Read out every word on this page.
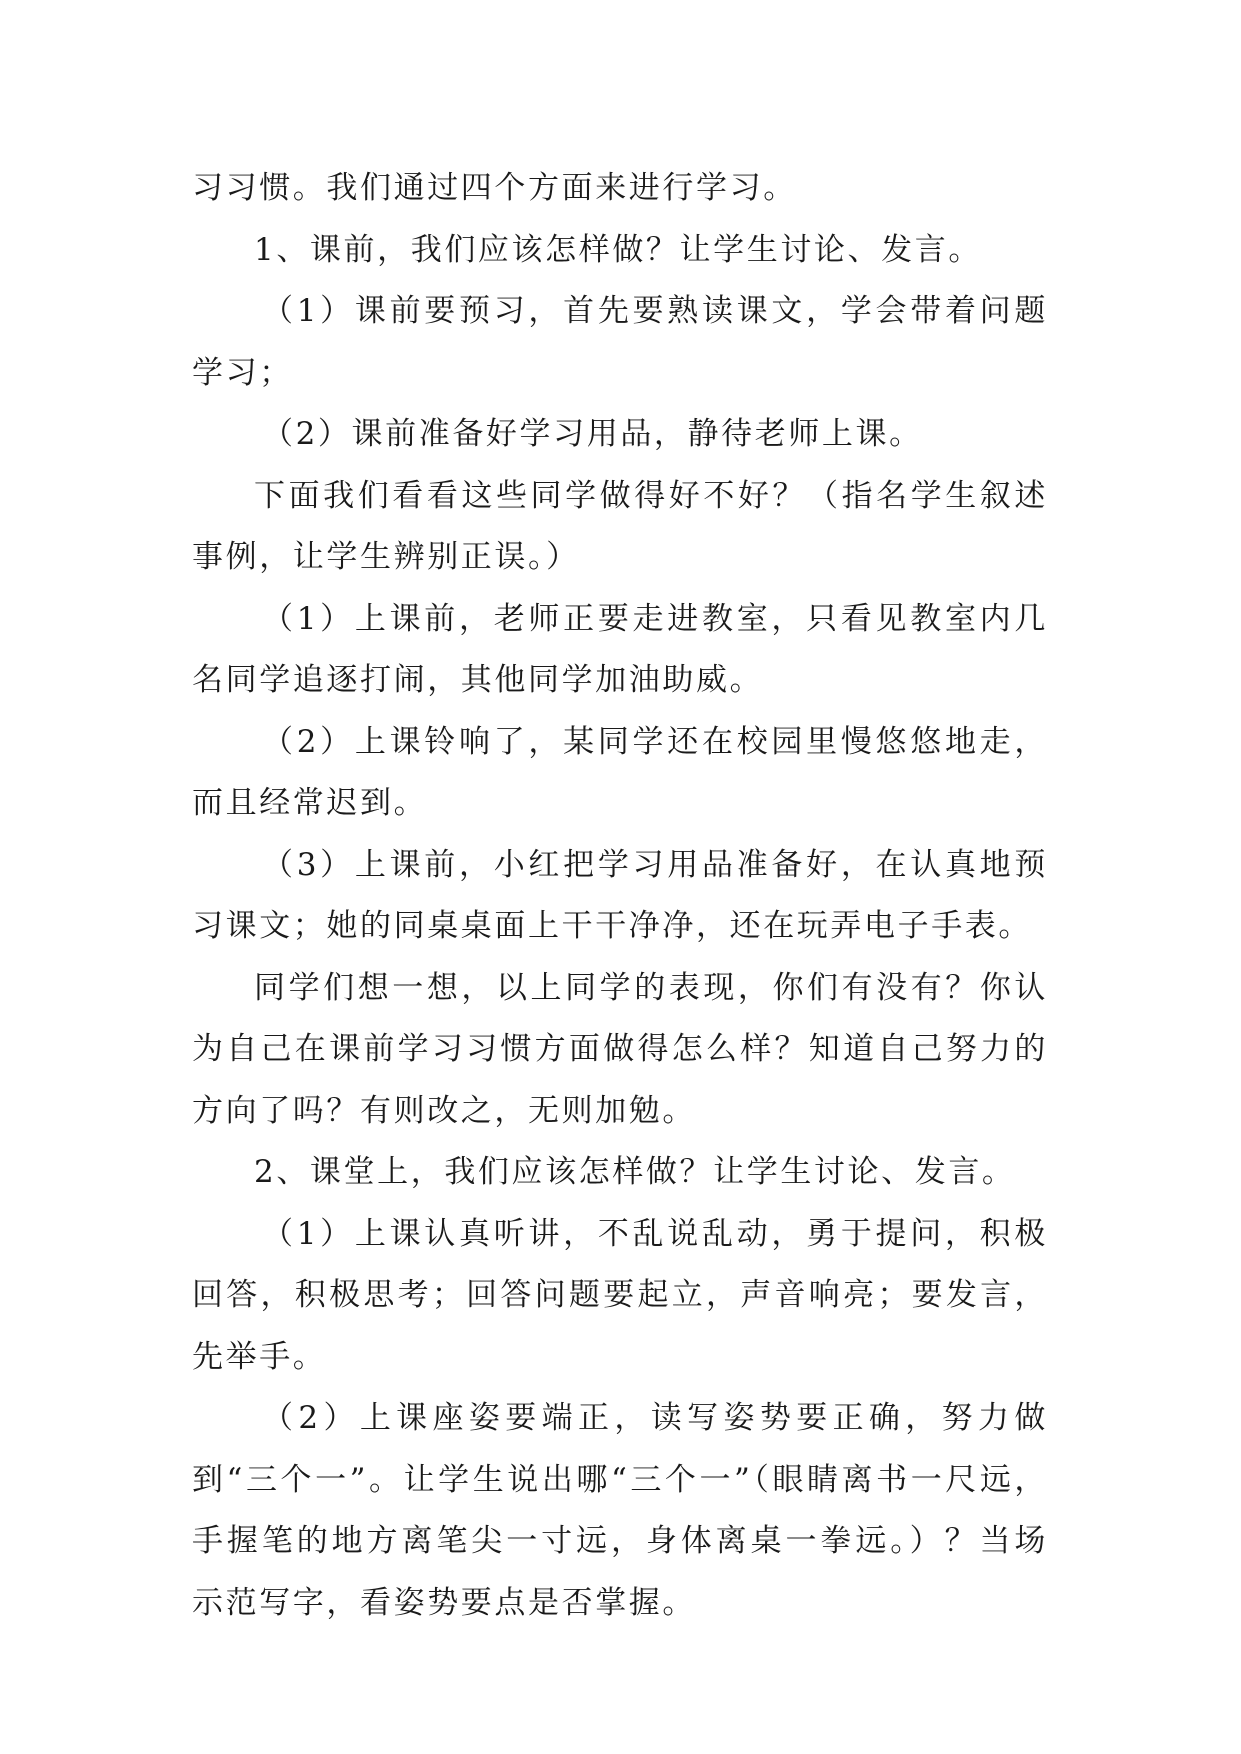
习习惯。我们通过四个方面来进行学习。

1、课前，我们应该怎样做？让学生讨论、发言。

（1）课前要预习，首先要熟读课文，学会带着问题学习；

（2）课前准备好学习用品，静待老师上课。

下面我们看看这些同学做得好不好？（指名学生叙述事例，让学生辨别正误。）

（1）上课前，老师正要走进教室，只看见教室内几名同学追逐打闹，其他同学加油助威。

（2）上课铃响了，某同学还在校园里慢悠悠地走，而且经常迟到。

（3）上课前，小红把学习用品准备好，在认真地预习课文；她的同桌桌面上干干净净，还在玩弄电子手表。

同学们想一想，以上同学的表现，你们有没有？你认为自己在课前学习习惯方面做得怎么样？知道自己努力的方向了吗？有则改之，无则加勉。

2、课堂上，我们应该怎样做？让学生讨论、发言。

（1）上课认真听讲，不乱说乱动，勇于提问，积极回答，积极思考；回答问题要起立，声音响亮；要发言，先举手。

（2）上课座姿要端正，读写姿势要正确，努力做到“三个一”。让学生说出哪“三个一”（眼睛离书一尺远，手握笔的地方离笔尖一寸远，身体离桌一拳远。）？当场示范写字，看姿势要点是否掌握。
